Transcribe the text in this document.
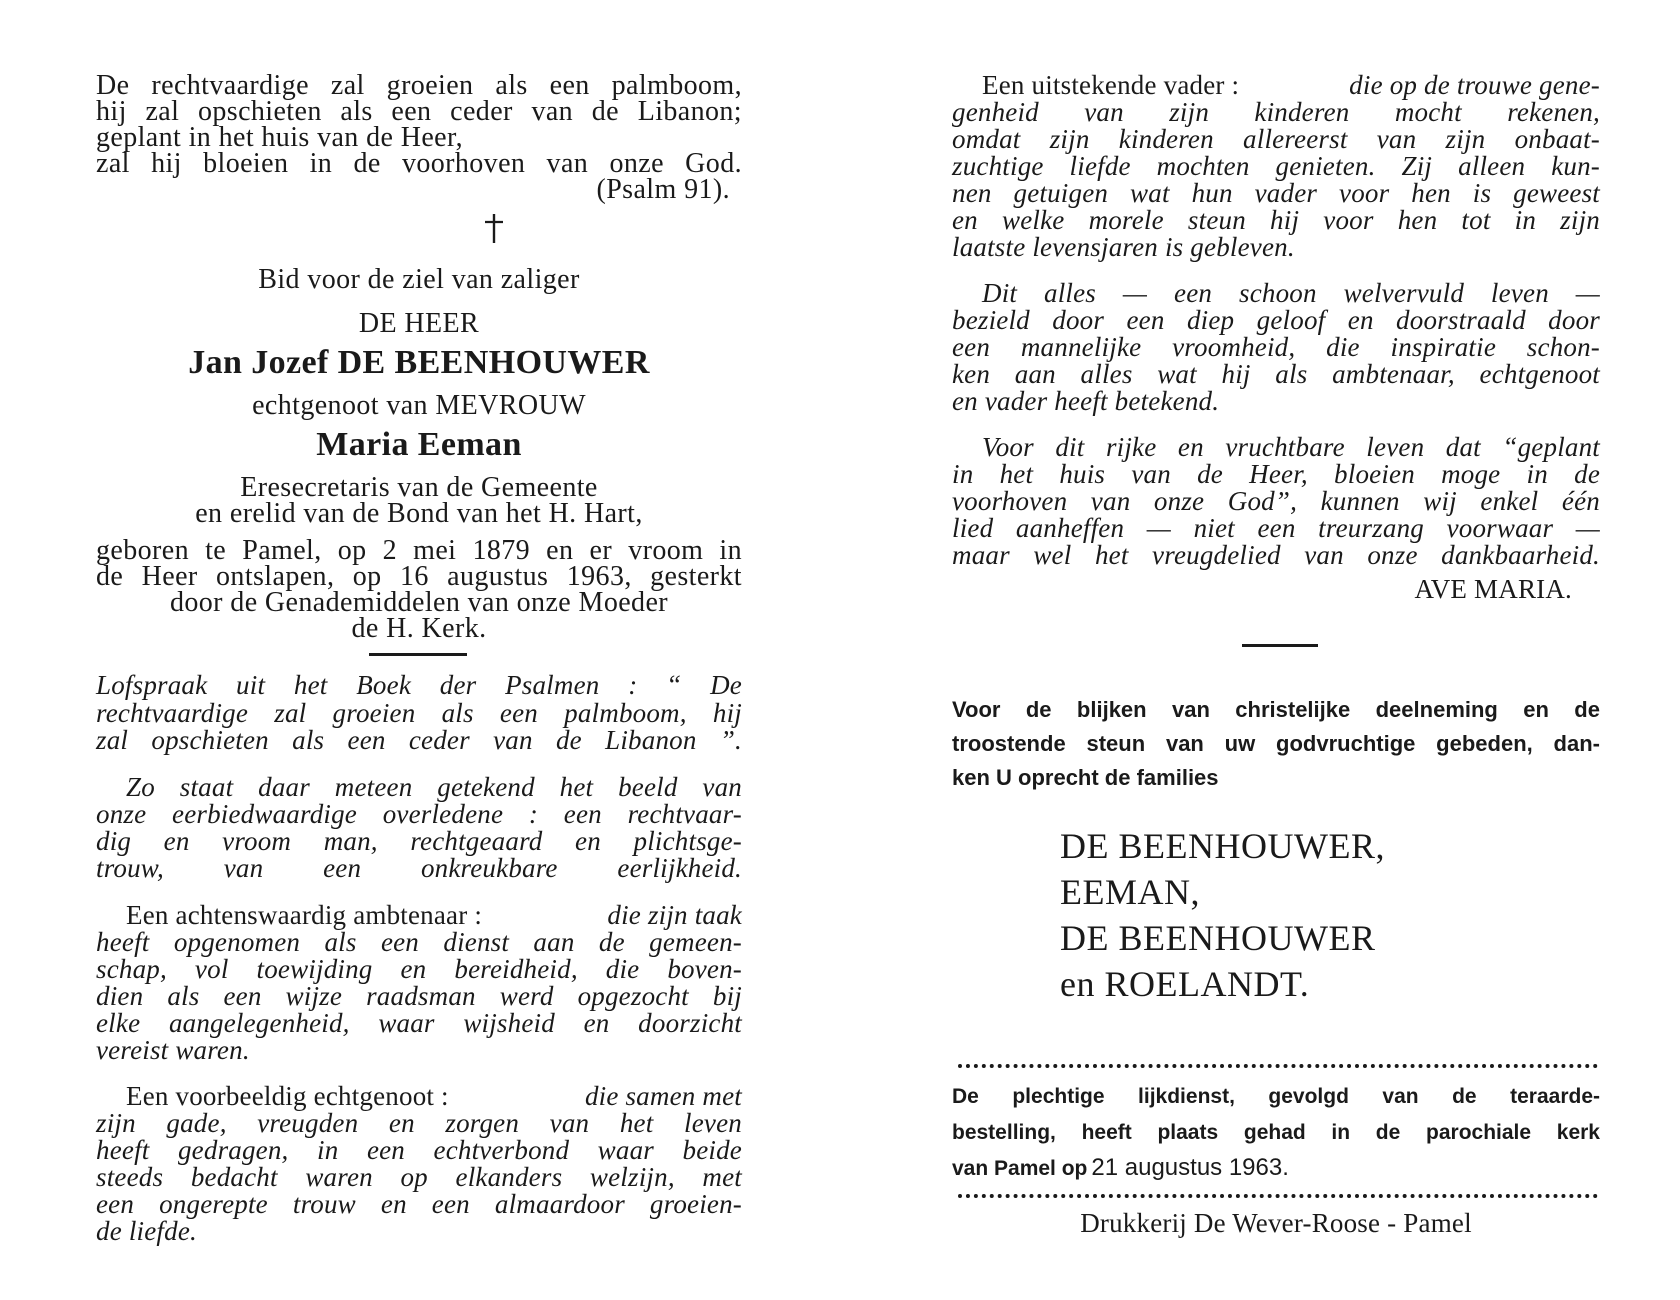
De rechtvaardige zal groeien als een palmboom,
hij zal opschieten als een ceder van de Libanon;
geplant in het huis van de Heer,
zal hij bloeien in de voorhoven van onze God.
(Psalm 91).
Bid voor de ziel van zaliger
DE HEER
Jan Jozef DE BEENHOUWER
echtgenoot van MEVROUW
Maria Eeman
Eresecretaris van de Gemeente
en erelid van de Bond van het H. Hart,
geboren te Pamel, op 2 mei 1879 en er vroom in
de Heer ontslapen, op 16 augustus 1963, gesterkt
door de Genademiddelen van onze Moeder
de H. Kerk.
Lofspraak uit het Boek der Psalmen : “ De
rechtvaardige zal groeien als een palmboom, hij
zal opschieten als een ceder van de Libanon ”.
Zo staat daar meteen getekend het beeld van
onze eerbiedwaardige overledene : een rechtvaar-
dig en vroom man, rechtgeaard en plichtsge-
trouw, van een onkreukbare eerlijkheid.
Een achtenswaardig ambtenaar :	die zijn taak
heeft opgenomen als een dienst aan de gemeen-
schap, vol toewijding en bereidheid, die boven-
dien als een wijze raadsman werd opgezocht bij
elke aangelegenheid, waar wijsheid en doorzicht
vereist waren.
Een voorbeeldig echtgenoot :	die samen met
zijn gade, vreugden en zorgen van het leven
heeft gedragen, in een echtverbond waar beide
steeds bedacht waren op elkanders welzijn, met
een ongerepte trouw en een almaardoor groeien-
de liefde.
Een uitstekende vader :	die op de trouwe gene-
genheid van zijn kinderen mocht rekenen,
omdat zijn kinderen allereerst van zijn onbaat-
zuchtige liefde mochten genieten. Zij alleen kun-
nen getuigen wat hun vader voor hen is geweest
en welke morele steun hij voor hen tot in zijn
laatste levensjaren is gebleven.
Dit alles — een schoon welvervuld leven —
bezield door een diep geloof en doorstraald door
een mannelijke vroomheid, die inspiratie schon-
ken aan alles wat hij als ambtenaar, echtgenoot
en vader heeft betekend.
Voor dit rijke en vruchtbare leven dat “geplant
in het huis van de Heer, bloeien moge in de
voorhoven van onze God”, kunnen wij enkel één
lied aanheffen — niet een treurzang voorwaar —
maar wel het vreugdelied van onze dankbaarheid.
AVE MARIA.
Voor de blijken van christelijke deelneming en de
troostende steun van uw godvruchtige gebeden, dan-
ken U oprecht de families
DE BEENHOUWER,
EEMAN,
DE BEENHOUWER
en ROELANDT.
De plechtige lijkdienst, gevolgd van de teraarde-
bestelling, heeft plaats gehad in de parochiale kerk
van Pamel op 21 augustus 1963.
Drukkerij De Wever-Roose - Pamel
